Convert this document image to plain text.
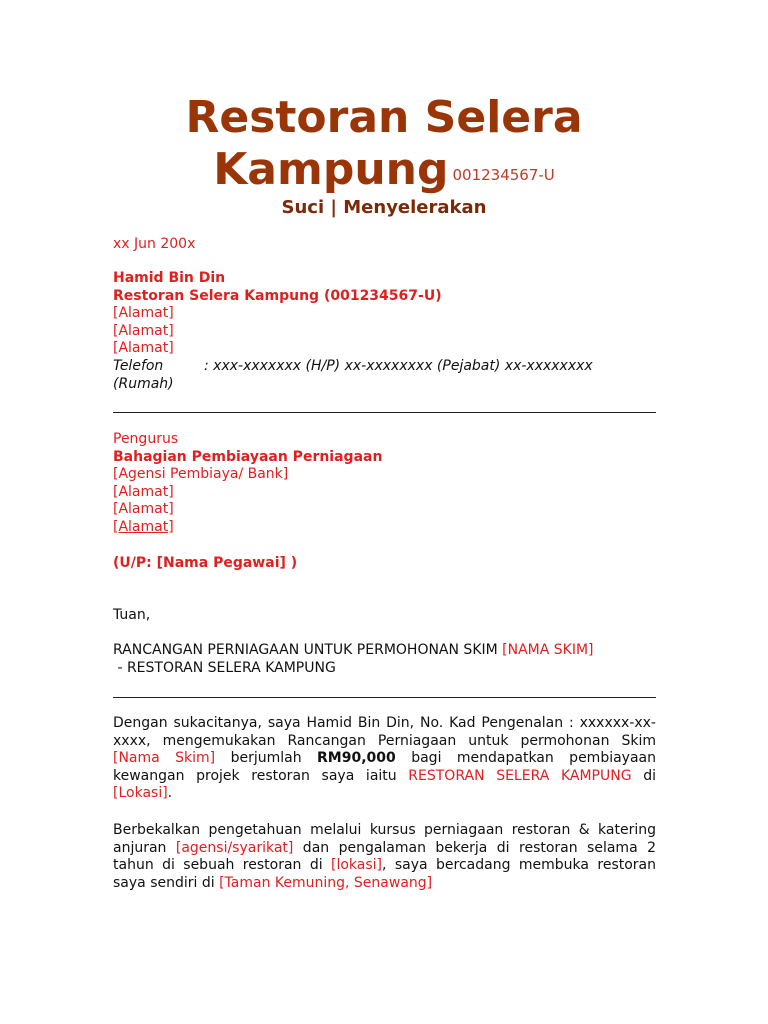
Restoran Selera
Kampung 001234567-U
Suci | Menyelerakan
xx Jun 200x
Hamid Bin Din
Restoran Selera Kampung (001234567-U)
[Alamat]
[Alamat]
[Alamat]
Telefon	: xxx-xxxxxxx (H/P) xx-xxxxxxxx (Pejabat) xx-xxxxxxxx
(Rumah)
Pengurus
Bahagian Pembiayaan Perniagaan
[Agensi Pembiaya/ Bank]
[Alamat]
[Alamat]
[Alamat]
(U/P: [Nama Pegawai] )
Tuan,
RANCANGAN PERNIAGAAN UNTUK PERMOHONAN SKIM [NAMA SKIM]
- RESTORAN SELERA KAMPUNG
Dengan sukacitanya, saya Hamid Bin Din, No. Kad Pengenalan : xxxxxx-xx-xxxx, mengemukakan Rancangan Perniagaan untuk permohonan Skim [Nama Skim] berjumlah RM90,000 bagi mendapatkan pembiayaan kewangan projek restoran saya iaitu RESTORAN SELERA KAMPUNG di [Lokasi].
Berbekalkan pengetahuan melalui kursus perniagaan restoran & katering anjuran [agensi/syarikat] dan pengalaman bekerja di restoran selama 2 tahun di sebuah restoran di [lokasi], saya bercadang membuka restoran saya sendiri di [Taman Kemuning, Senawang]
